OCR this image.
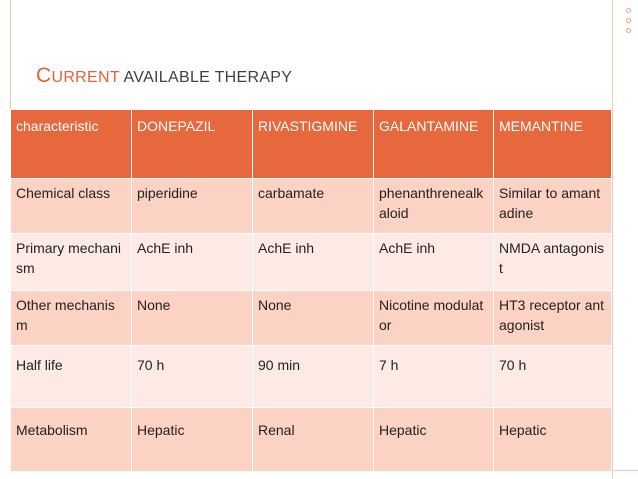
CURRENT AVAILABLE THERAPY
characteristic	DONEPAZIL	RIVASTIGMINE	GALANTAMINE	MEMANTINE
Chemical class	piperidine	carbamate	phenanthrenealkaloid	Similar to amantadine
Primary mechanism	AchE inh	AchE inh	AchE inh	NMDA antagonist
Other mechanism	None	None	Nicotine modulator	HT3 receptor antagonist
Half life	70 h	90 min	7 h	70 h
Metabolism	Hepatic	Renal	Hepatic	Hepatic
